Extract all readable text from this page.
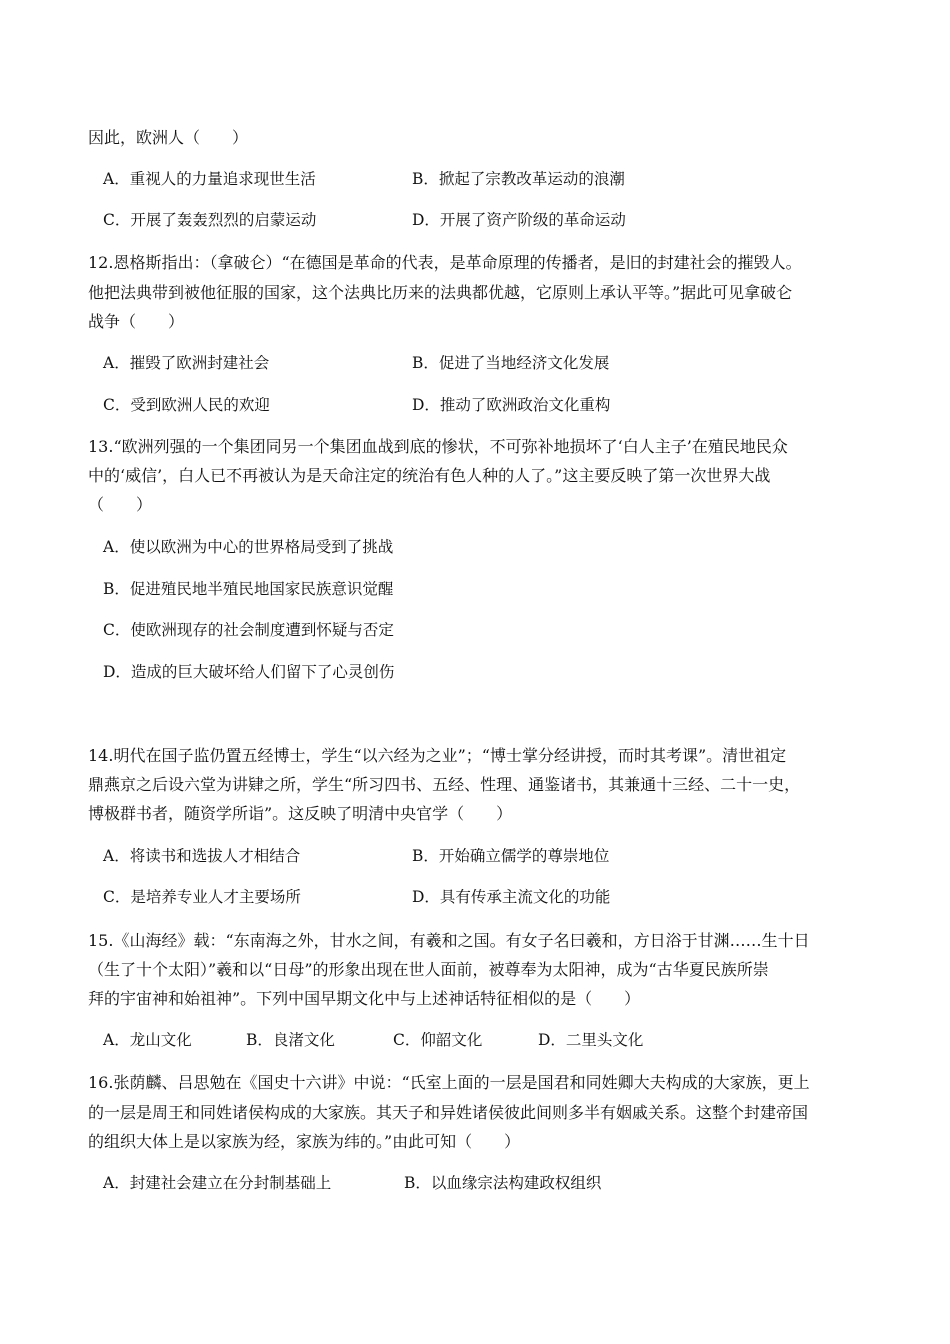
因此，欧洲人（　　）
A．重视人的力量追求现世生活	B．掀起了宗教改革运动的浪潮
C．开展了轰轰烈烈的启蒙运动	D．开展了资产阶级的革命运动
12.恩格斯指出：（拿破仑）“在德国是革命的代表，是革命原理的传播者，是旧的封建社会的摧毁人。
他把法典带到被他征服的国家，这个法典比历来的法典都优越，它原则上承认平等。”据此可见拿破仑
战争（　　）
A．摧毁了欧洲封建社会	B．促进了当地经济文化发展
C．受到欧洲人民的欢迎	D．推动了欧洲政治文化重构
13.“欧洲列强的一个集团同另一个集团血战到底的惨状，不可弥补地损坏了‘白人主子’在殖民地民众
中的‘威信’，白人已不再被认为是天命注定的统治有色人种的人了。”这主要反映了第一次世界大战
（　　）
A．使以欧洲为中心的世界格局受到了挑战
B．促进殖民地半殖民地国家民族意识觉醒
C．使欧洲现存的社会制度遭到怀疑与否定
D．造成的巨大破坏给人们留下了心灵创伤
14.明代在国子监仍置五经博士，学生“以六经为之业”；“博士掌分经讲授，而时其考课”。清世祖定
鼎燕京之后设六堂为讲肄之所，学生“所习四书、五经、性理、通鉴诸书，其兼通十三经、二十一史，
博极群书者，随资学所诣”。这反映了明清中央官学（　　）
A．将读书和选拔人才相结合	B．开始确立儒学的尊崇地位
C．是培养专业人才主要场所	D．具有传承主流文化的功能
15.《山海经》载：“东南海之外，甘水之间，有羲和之国。有女子名曰羲和，方日浴于甘渊……生十日
（生了十个太阳）”羲和以“日母”的形象出现在世人面前，被尊奉为太阳神，成为“古华夏民族所崇
拜的宇宙神和始祖神”。下列中国早期文化中与上述神话特征相似的是（　　）
A．龙山文化	B．良渚文化	C．仰韶文化	D．二里头文化
16.张荫麟、吕思勉在《国史十六讲》中说：“氏室上面的一层是国君和同姓卿大夫构成的大家族，更上
的一层是周王和同姓诸侯构成的大家族。其天子和异姓诸侯彼此间则多半有姻戚关系。这整个封建帝国
的组织大体上是以家族为经，家族为纬的。”由此可知（　　）
A．封建社会建立在分封制基础上	B．以血缘宗法构建政权组织
